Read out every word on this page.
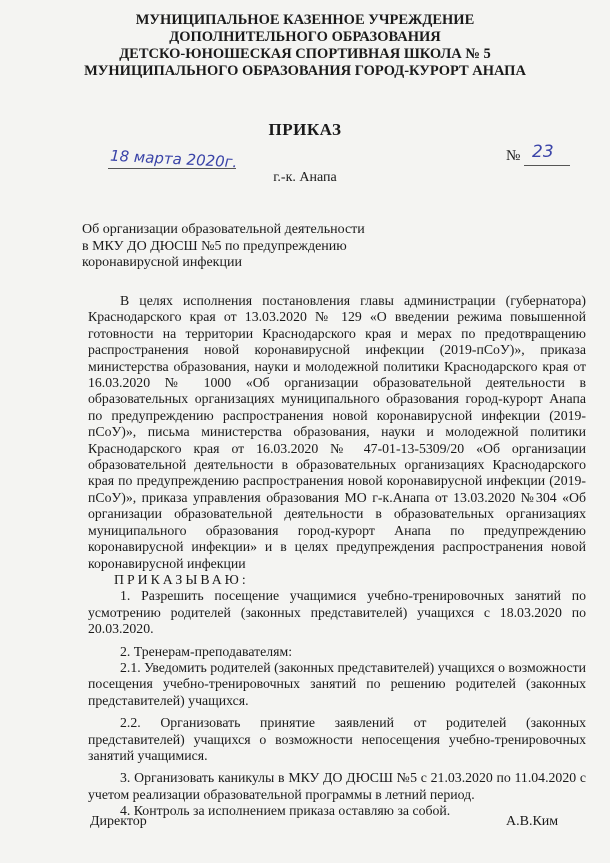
МУНИЦИПАЛЬНОЕ КАЗЕННОЕ УЧРЕЖДЕНИЕ
ДОПОЛНИТЕЛЬНОГО ОБРАЗОВАНИЯ
ДЕТСКО-ЮНОШЕСКАЯ СПОРТИВНАЯ ШКОЛА № 5
МУНИЦИПАЛЬНОГО ОБРАЗОВАНИЯ ГОРОД-КУРОРТ АНАПА
ПРИКАЗ
18 марта 2020г.	№ 23
г.-к. Анапа
Об организации образовательной деятельности
в МКУ ДО ДЮСШ №5 по предупреждению
коронавирусной инфекции

В целях исполнения постановления главы администрации (губернатора) Краснодарского края от 13.03.2020 № 129 «О введении режима повышенной готовности на территории Краснодарского края и мерах по предотвращению распространения новой коронавирусной инфекции (2019-пСоУ)», приказа министерства образования, науки и молодежной политики Краснодарского края от 16.03.2020 № 1000 «Об организации образовательной деятельности в образовательных организациях муниципального образования город-курорт Анапа по предупреждению распространения новой коронавирусной инфекции (2019-пСоУ)», письма министерства образования, науки и молодежной политики Краснодарского края от 16.03.2020 № 47-01-13-5309/20 «Об организации образовательной деятельности в образовательных организациях Краснодарского края по предупреждению распространения новой коронавирусной инфекции (2019-пСоУ)», приказа управления образования МО г-к.Анапа от 13.03.2020 №304 «Об организации образовательной деятельности в образовательных организациях муниципального образования город-курорт Анапа по предупреждению коронавирусной инфекции» и в целях предупреждения распространения новой коронавирусной инфекции

ПРИКАЗЫВАЮ:

1. Разрешить посещение учащимися учебно-тренировочных занятий по усмотрению родителей (законных представителей) учащихся с 18.03.2020 по 20.03.2020.

2. Тренерам-преподавателям:

2.1. Уведомить родителей (законных представителей) учащихся о возможности посещения учебно-тренировочных занятий по решению родителей (законных представителей) учащихся.

2.2. Организовать принятие заявлений от родителей (законных представителей) учащихся о возможности непосещения учебно-тренировочных занятий учащимися.

3. Организовать каникулы в МКУ ДО ДЮСШ №5 с 21.03.2020 по 11.04.2020 с учетом реализации образовательной программы в летний период.

4. Контроль за исполнением приказа оставляю за собой.

Директор	А.В.Ким
